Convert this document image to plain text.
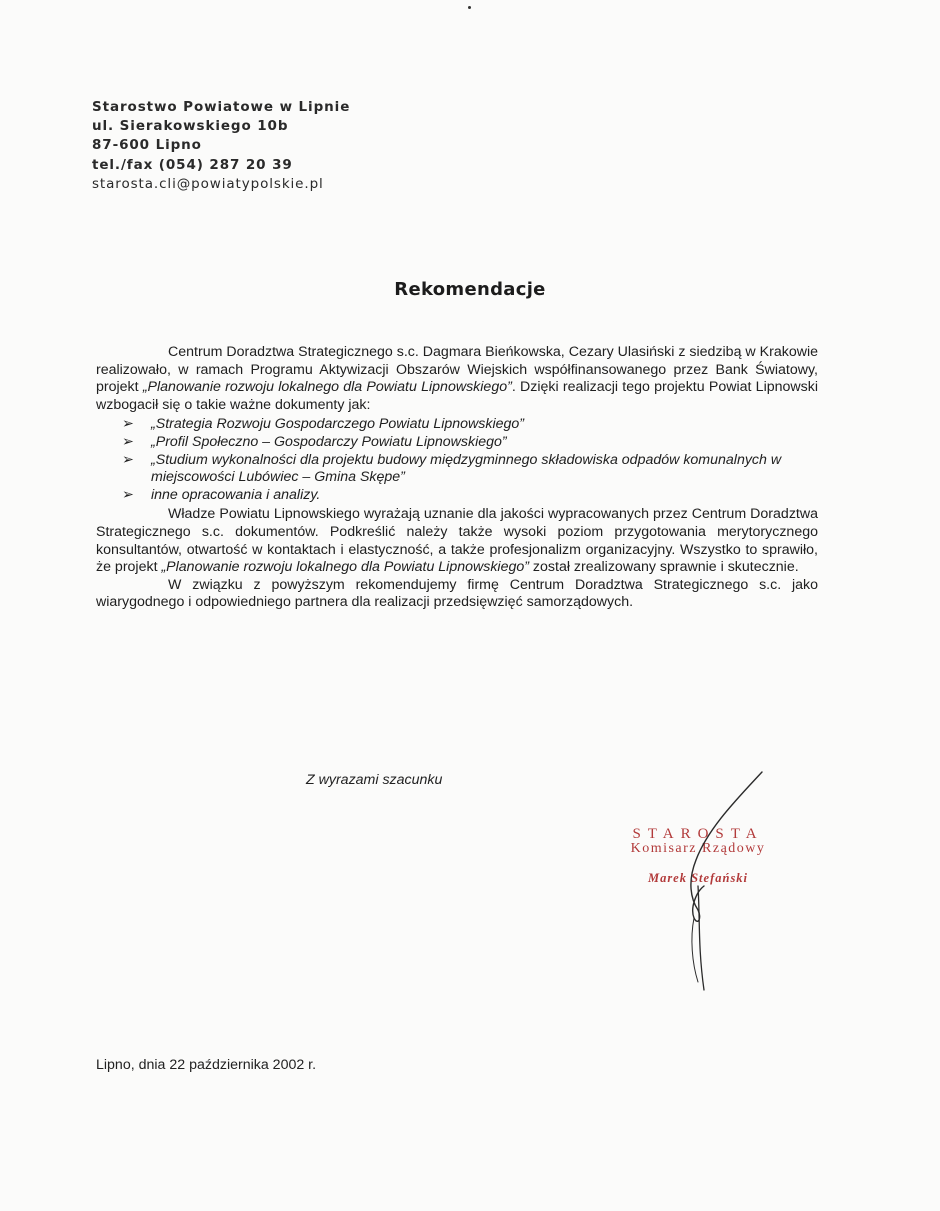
Starostwo Powiatowe w Lipnie
ul. Sierakowskiego 10b
87-600 Lipno
tel./fax (054) 287 20 39
starosta.cli@powiatypolskie.pl
Rekomendacje

Centrum Doradztwa Strategicznego s.c. Dagmara Bieńkowska, Cezary Ulasiński z siedzibą w Krakowie realizowało, w ramach Programu Aktywizacji Obszarów Wiejskich współfinansowanego przez Bank Światowy, projekt „Planowanie rozwoju lokalnego dla Powiatu Lipnowskiego”. Dzięki realizacji tego projektu Powiat Lipnowski wzbogacił się o takie ważne dokumenty jak:

➢ „Strategia Rozwoju Gospodarczego Powiatu Lipnowskiego”
➢ „Profil Społeczno – Gospodarczy Powiatu Lipnowskiego”
➢ „Studium wykonalności dla projektu budowy międzygminnego składowiska odpadów komunalnych w miejscowości Lubówiec – Gmina Skępe”
➢ inne opracowania i analizy.

Władze Powiatu Lipnowskiego wyrażają uznanie dla jakości wypracowanych przez Centrum Doradztwa Strategicznego s.c. dokumentów. Podkreślić należy także wysoki poziom przygotowania merytorycznego konsultantów, otwartość w kontaktach i elastyczność, a także profesjonalizm organizacyjny. Wszystko to sprawiło, że projekt „Planowanie rozwoju lokalnego dla Powiatu Lipnowskiego” został zrealizowany sprawnie i skutecznie.

W związku z powyższym rekomendujemy firmę Centrum Doradztwa Strategicznego s.c. jako wiarygodnego i odpowiedniego partnera dla realizacji przedsięwzięć samorządowych.

Z wyrazami szacunku
STAROSTA
Komisarz Rządowy
Marek Stefański
Lipno, dnia 22 października 2002 r.
